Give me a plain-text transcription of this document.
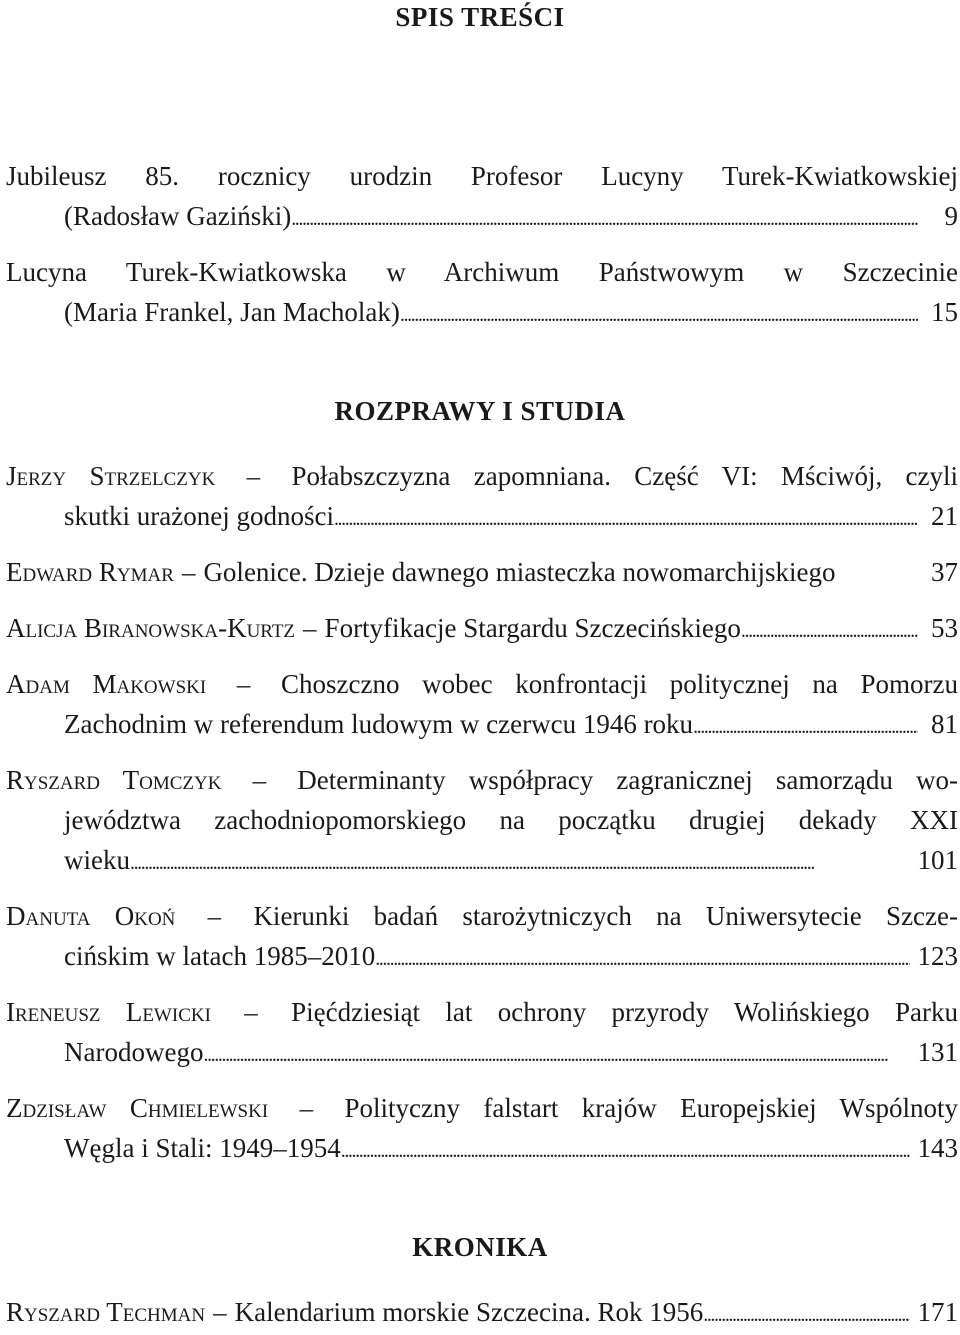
SPIS TREŚCI
Jubileusz 85. rocznicy urodzin Profesor Lucyny Turek-Kwiatkowskiej
(Radosław Gaziński) . . .	9
Lucyna Turek-Kwiatkowska w Archiwum Państwowym w Szczecinie
(Maria Frankel, Jan Macholak) . . .	15
ROZPRAWY I STUDIA
Jerzy Strzelczyk – Połabszczyzna zapomniana. Część VI: Mściwój, czyli
skutki urażonej godności . . .	21
Edward Rymar – Golenice. Dzieje dawnego miasteczka nowomarchijskiego	37
Alicja Biranowska-Kurtz – Fortyfikacje Stargardu Szczecińskiego . . .	53
Adam Makowski – Choszczno wobec konfrontacji politycznej na Pomorzu
Zachodnim w referendum ludowym w czerwcu 1946 roku . . .	81
Ryszard Tomczyk – Determinanty współpracy zagranicznej samorządu wo-
jewództwa zachodniopomorskiego na początku drugiej dekady XXI
wieku . . .	101
Danuta Okoń – Kierunki badań starożytniczych na Uniwersytecie Szcze-
cińskim w latach 1985–2010 . . .	123
Ireneusz Lewicki – Pięćdziesiąt lat ochrony przyrody Wolińskiego Parku
Narodowego . . .	131
Zdzisław Chmielewski – Polityczny falstart krajów Europejskiej Wspólnoty
Węgla i Stali: 1949–1954 . . .	143
KRONIKA
Ryszard Techman – Kalendarium morskie Szczecina. Rok 1956 . . .	171
